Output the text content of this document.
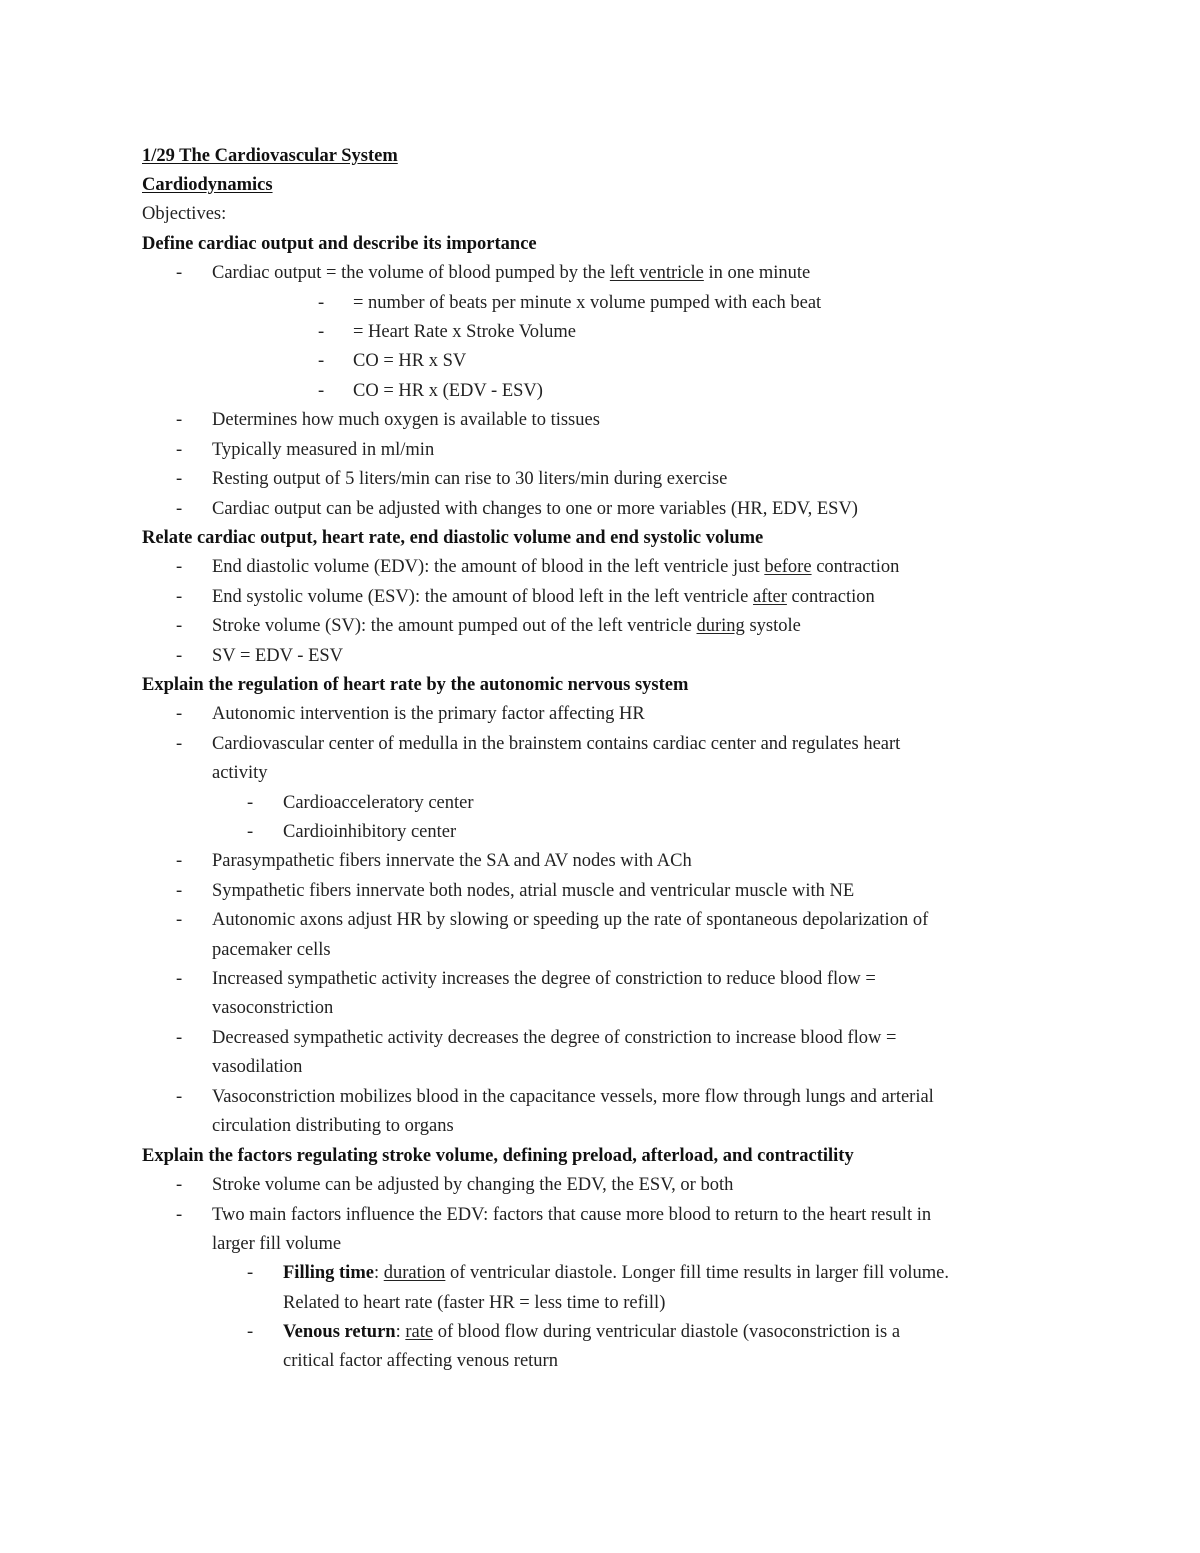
1/29 The Cardiovascular System
Cardiodynamics
Objectives:
Define cardiac output and describe its importance
- Cardiac output = the volume of blood pumped by the left ventricle in one minute
- = number of beats per minute x volume pumped with each beat
- = Heart Rate x Stroke Volume
- CO = HR x SV
- CO = HR x (EDV - ESV)
- Determines how much oxygen is available to tissues
- Typically measured in ml/min
- Resting output of 5 liters/min can rise to 30 liters/min during exercise
- Cardiac output can be adjusted with changes to one or more variables (HR, EDV, ESV)
Relate cardiac output, heart rate, end diastolic volume and end systolic volume
- End diastolic volume (EDV): the amount of blood in the left ventricle just before contraction
- End systolic volume (ESV): the amount of blood left in the left ventricle after contraction
- Stroke volume (SV): the amount pumped out of the left ventricle during systole
- SV = EDV - ESV
Explain the regulation of heart rate by the autonomic nervous system
- Autonomic intervention is the primary factor affecting HR
- Cardiovascular center of medulla in the brainstem contains cardiac center and regulates heart
activity
- Cardioacceleratory center
- Cardioinhibitory center
- Parasympathetic fibers innervate the SA and AV nodes with ACh
- Sympathetic fibers innervate both nodes, atrial muscle and ventricular muscle with NE
- Autonomic axons adjust HR by slowing or speeding up the rate of spontaneous depolarization of
pacemaker cells
- Increased sympathetic activity increases the degree of constriction to reduce blood flow =
vasoconstriction
- Decreased sympathetic activity decreases the degree of constriction to increase blood flow =
vasodilation
- Vasoconstriction mobilizes blood in the capacitance vessels, more flow through lungs and arterial
circulation distributing to organs
Explain the factors regulating stroke volume, defining preload, afterload, and contractility
- Stroke volume can be adjusted by changing the EDV, the ESV, or both
- Two main factors influence the EDV: factors that cause more blood to return to the heart result in
larger fill volume
- Filling time: duration of ventricular diastole. Longer fill time results in larger fill volume.
Related to heart rate (faster HR = less time to refill)
- Venous return: rate of blood flow during ventricular diastole (vasoconstriction is a
critical factor affecting venous return
